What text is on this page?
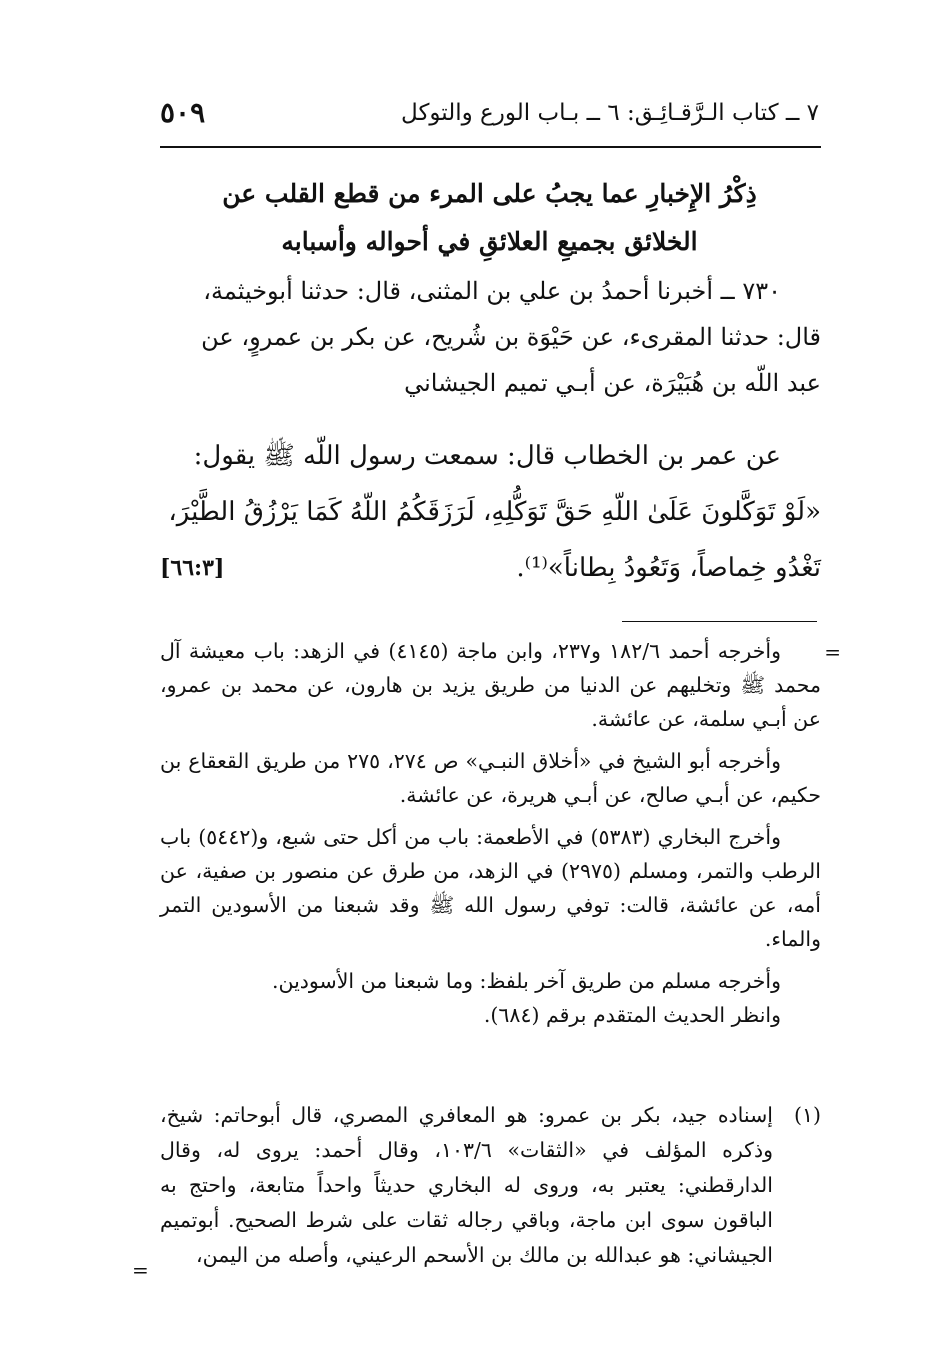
٧ ــ كتاب الـرَّقـائِـق: ٦ ــ بـاب الورع والتوكل
٥٠٩
ذِكْرُ الإِخبارِ عما يجبُ على المرء من قطع القلب عن
الخلائق بجميعِ العلائقِ في أحواله وأسبابه

٧٣٠ ــ أخبرنا أحمدُ بن علي بن المثنى، قال: حدثنا أبوخيثمة،

قال: حدثنا المقرىء، عن حَيْوَة بن شُريح، عن بكر بن عمروٍ، عن

عبد اللّه بن هُبَيْرَة، عن أبـي تميم الجيشاني

عن عمر بن الخطاب قال: سمعت رسول اللّه ﷺ يقول:
«لَوْ تَوَكَّلونَ عَلَىٰ اللّهِ حَقَّ تَوَكُّلِهِ، لَرَزَقَكُمُ اللّهُ كَمَا يَرْزُقُ الطَّيْرَ،
تَغْدُو خِماصاً، وَتَعُودُ بِطاناً»⁽¹⁾.
[٦٦:٣]
=

وأخرجه أحمد ١٨٢/٦ و٢٣٧، وابن ماجة (٤١٤٥) في الزهد: باب معيشة آل محمد ﷺ وتخليهم عن الدنيا من طريق يزيد بن هارون، عن محمد بن عمرو، عن أبـي سلمة، عن عائشة.

وأخرجه أبو الشيخ في «أخلاق النبـي» ص ٢٧٤، ٢٧٥ من طريق القعقاع بن حكيم، عن أبـي صالح، عن أبـي هريرة، عن عائشة.

وأخرج البخاري (٥٣٨٣) في الأطعمة: باب من أكل حتى شبع، و(٥٤٤٢) باب الرطب والتمر، ومسلم (٢٩٧٥) في الزهد، من طرق عن منصور بن صفية، عن أمه، عن عائشة، قالت: توفي رسول الله ﷺ وقد شبعنا من الأسودين التمر والماء.

وأخرجه مسلم من طريق آخر بلفظ: وما شبعنا من الأسودين.

وانظر الحديث المتقدم برقم (٦٨٤).

(١)
إسناده جيد، بكر بن عمرو: هو المعافري المصري، قال أبوحاتم: شيخ، وذكره المؤلف في «الثقات» ١٠٣/٦، وقال أحمد: يروى له، وقال الدارقطني: يعتبر به، وروى له البخاري حديثاً واحداً متابعة، واحتج به الباقون سوى ابن ماجة، وباقي رجاله ثقات على شرط الصحيح. أبوتميم الجيشاني: هو عبدالله بن مالك بن الأسحم الرعيني، وأصله من اليمن،
=
